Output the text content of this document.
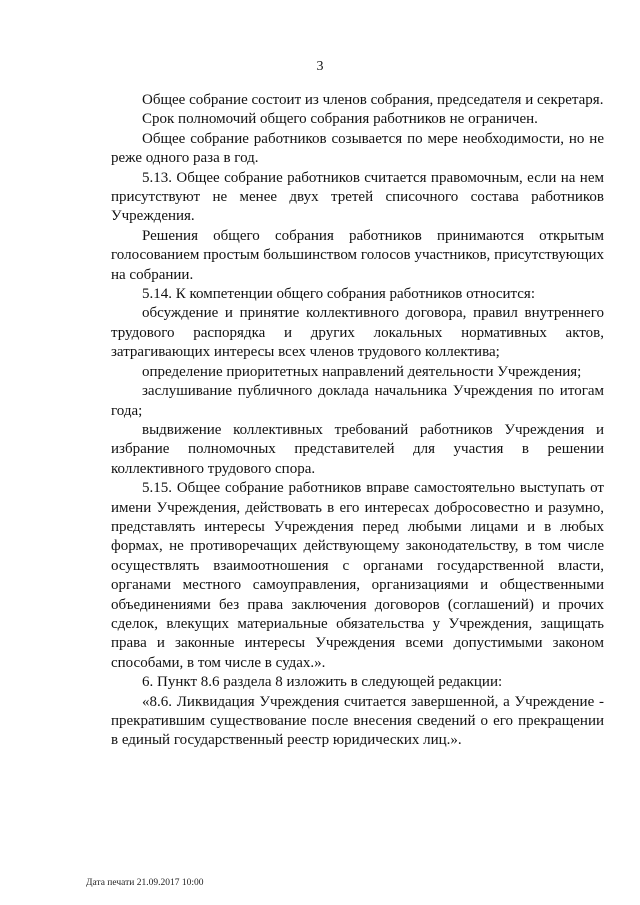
3

Общее собрание состоит из членов собрания, председателя и секретаря.

Срок полномочий общего собрания работников не ограничен.

Общее собрание работников созывается по мере необходимости, но не реже одного раза в год.

5.13. Общее собрание работников считается правомочным, если на нем присутствуют не менее двух третей списочного состава работников Учреждения.

Решения общего собрания работников принимаются открытым голосованием простым большинством голосов участников, присутствующих на собрании.

5.14. К компетенции общего собрания работников относится:

обсуждение и принятие коллективного договора, правил внутреннего трудового распорядка и других локальных нормативных актов, затрагивающих интересы всех членов трудового коллектива;

определение приоритетных направлений деятельности Учреждения;

заслушивание публичного доклада начальника Учреждения по итогам года;

выдвижение коллективных требований работников Учреждения и избрание полномочных представителей для участия в решении коллективного трудового спора.

5.15. Общее собрание работников вправе самостоятельно выступать от имени Учреждения, действовать в его интересах добросовестно и разумно, представлять интересы Учреждения перед любыми лицами и в любых формах, не противоречащих действующему законодательству, в том числе осуществлять взаимоотношения с органами государственной власти, органами местного самоуправления, организациями и общественными объединениями без права заключения договоров (соглашений) и прочих сделок, влекущих материальные обязательства у Учреждения, защищать права и законные интересы Учреждения всеми допустимыми законом способами, в том числе в судах.».

6. Пункт 8.6 раздела 8 изложить в следующей редакции:

«8.6. Ликвидация Учреждения считается завершенной, а Учреждение - прекратившим существование после внесения сведений о его прекращении в единый государственный реестр юридических лиц.».

Дата печати 21.09.2017 10:00
